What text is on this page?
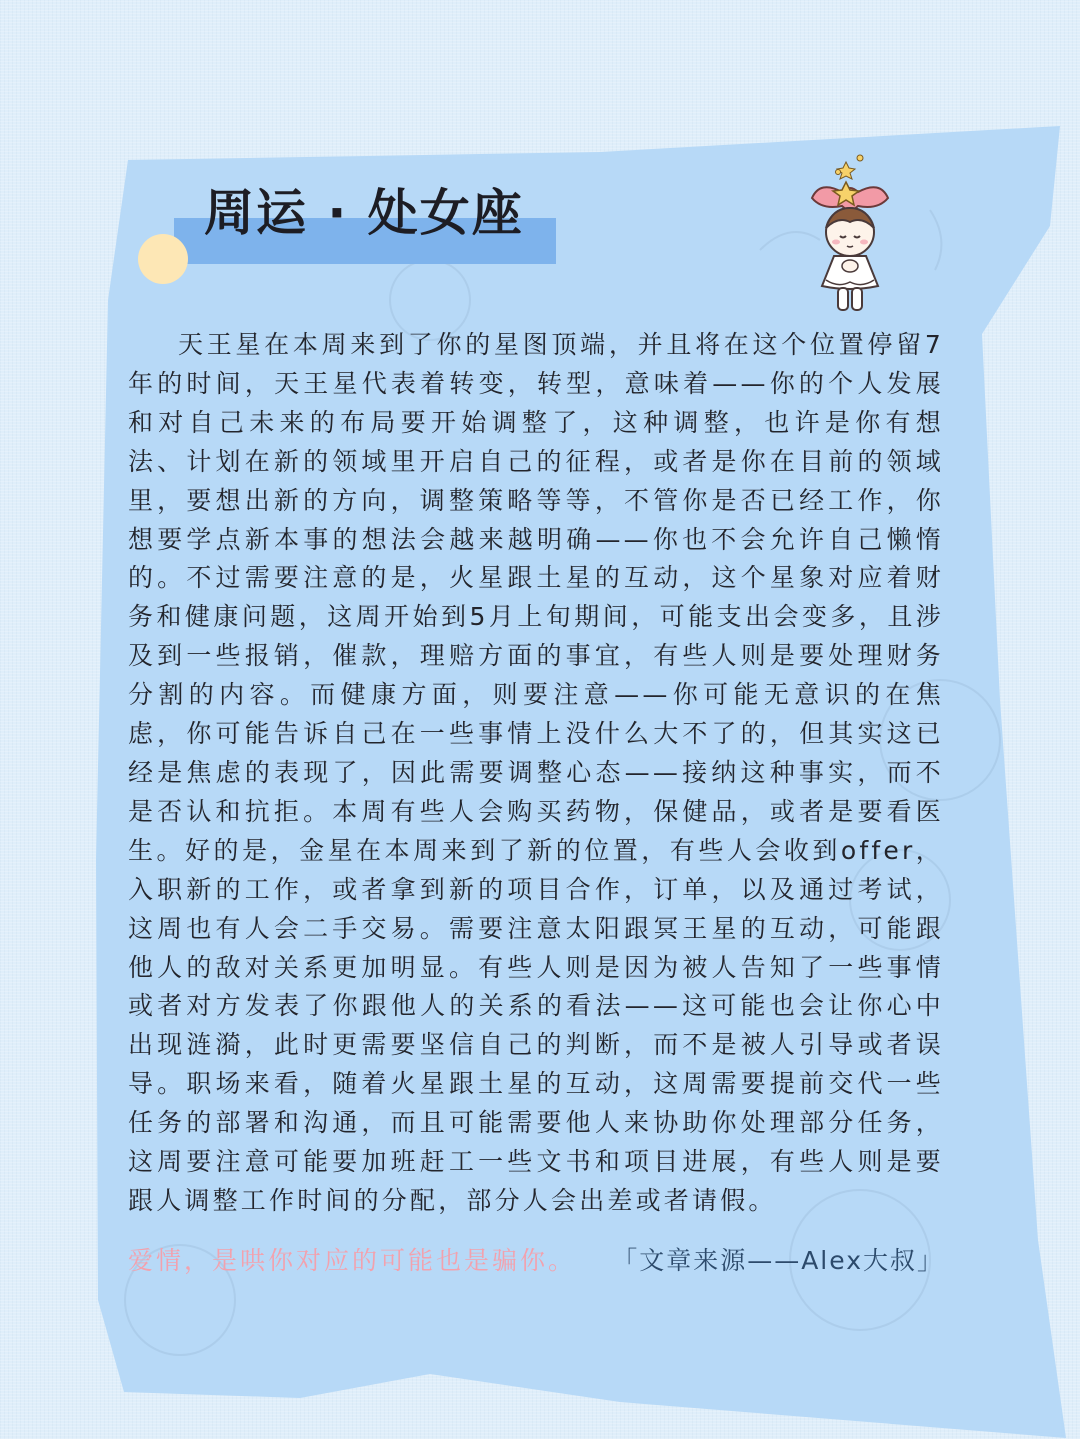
周运 · 处女座

天王星在本周来到了你的星图顶端，并且将在这个位置停留7年的时间，天王星代表着转变，转型，意味着——你的个人发展和对自己未来的布局要开始调整了，这种调整，也许是你有想法、计划在新的领域里开启自己的征程，或者是你在目前的领域里，要想出新的方向，调整策略等等，不管你是否已经工作，你想要学点新本事的想法会越来越明确——你也不会允许自己懒惰的。不过需要注意的是，火星跟土星的互动，这个星象对应着财务和健康问题，这周开始到5月上旬期间，可能支出会变多，且涉及到一些报销，催款，理赔方面的事宜，有些人则是要处理财务分割的内容。而健康方面，则要注意——你可能无意识的在焦虑，你可能告诉自己在一些事情上没什么大不了的，但其实这已经是焦虑的表现了，因此需要调整心态——接纳这种事实，而不是否认和抗拒。本周有些人会购买药物，保健品，或者是要看医生。好的是，金星在本周来到了新的位置，有些人会收到offer，入职新的工作，或者拿到新的项目合作，订单，以及通过考试，这周也有人会二手交易。需要注意太阳跟冥王星的互动，可能跟他人的敌对关系更加明显。有些人则是因为被人告知了一些事情或者对方发表了你跟他人的关系的看法——这可能也会让你心中出现涟漪，此时更需要坚信自己的判断，而不是被人引导或者误导。职场来看，随着火星跟土星的互动，这周需要提前交代一些任务的部署和沟通，而且可能需要他人来协助你处理部分任务，这周要注意可能要加班赶工一些文书和项目进展，有些人则是要跟人调整工作时间的分配，部分人会出差或者请假。

爱情，是哄你对应的可能也是骗你。 「文章来源——Alex大叔」
